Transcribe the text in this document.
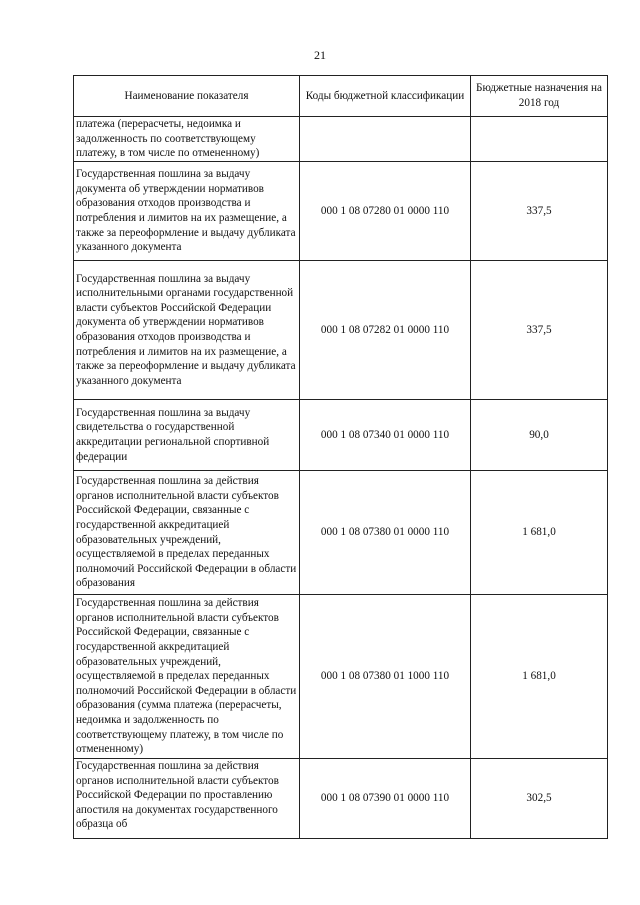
21
Наименование показателя	Коды бюджетной классификации	Бюджетные назначения на 2018 год
платежа (перерасчеты, недоимка и задолженность по соответствующему платежу, в том числе по отмененному)		
Государственная пошлина за выдачу документа об утверждении нормативов образования отходов производства и потребления и лимитов на их размещение, а также за переоформление и выдачу дубликата указанного документа	000 1 08 07280 01 0000 110	337,5
Государственная пошлина за выдачу исполнительными органами государственной власти субъектов Российской Федерации документа об утверждении нормативов образования отходов производства и потребления и лимитов на их размещение, а также за переоформление и выдачу дубликата указанного документа	000 1 08 07282 01 0000 110	337,5
Государственная пошлина за выдачу свидетельства о государственной аккредитации региональной спортивной федерации	000 1 08 07340 01 0000 110	90,0
Государственная пошлина за действия органов исполнительной власти субъектов Российской Федерации, связанные с государственной аккредитацией образовательных учреждений, осуществляемой в пределах переданных полномочий Российской Федерации в области образования	000 1 08 07380 01 0000 110	1 681,0
Государственная пошлина за действия органов исполнительной власти субъектов Российской Федерации, связанные с государственной аккредитацией образовательных учреждений, осуществляемой в пределах переданных полномочий Российской Федерации в области образования (сумма платежа (перерасчеты, недоимка и задолженность по соответствующему платежу, в том числе по отмененному)	000 1 08 07380 01 1000 110	1 681,0
Государственная пошлина за действия органов исполнительной власти субъектов Российской Федерации по проставлению апостиля на документах государственного образца об	000 1 08 07390 01 0000 110	302,5
